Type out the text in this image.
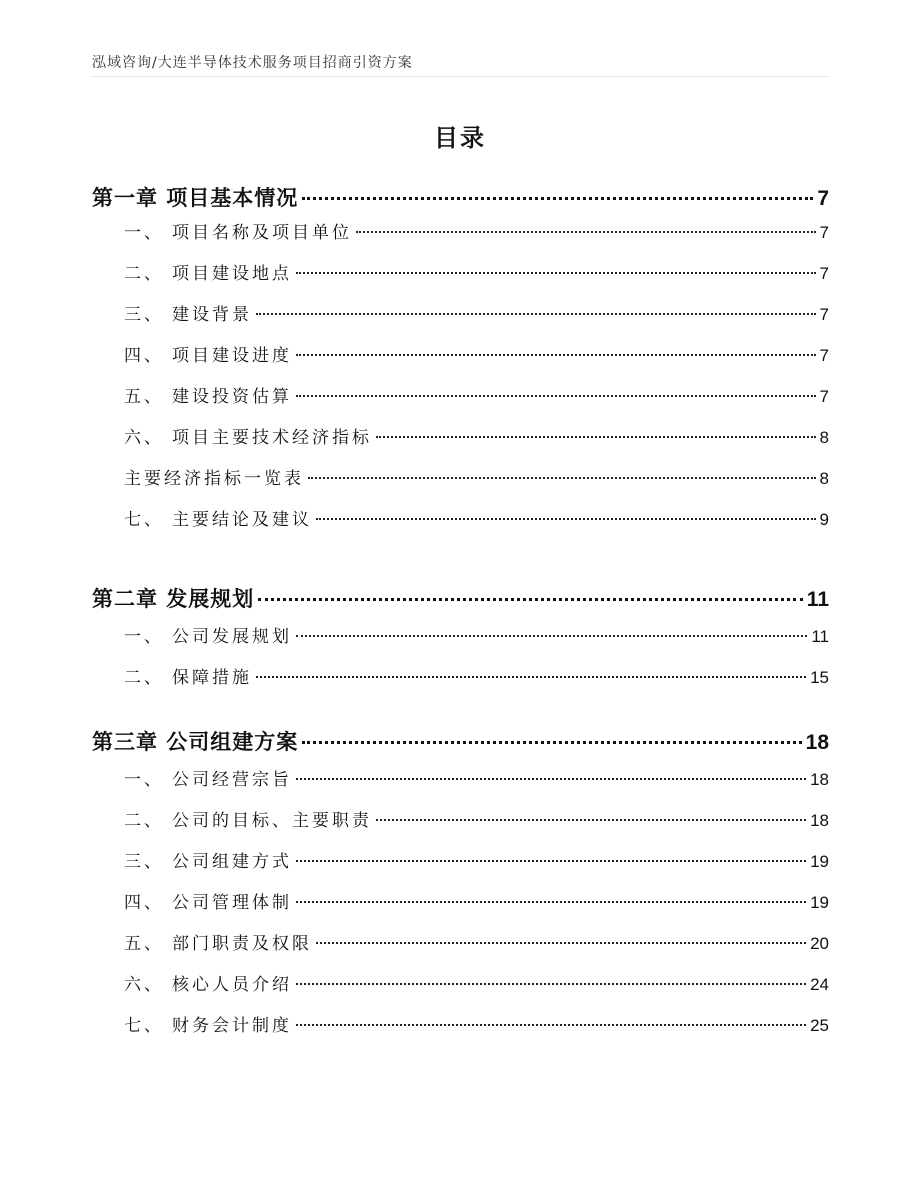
泓域咨询/大连半导体技术服务项目招商引资方案
目录
第一章 项目基本情况	7
一、 项目名称及项目单位	7
二、 项目建设地点	7
三、 建设背景	7
四、 项目建设进度	7
五、 建设投资估算	7
六、 项目主要技术经济指标	8
主要经济指标一览表	8
七、 主要结论及建议	9
第二章 发展规划	11
一、 公司发展规划	11
二、 保障措施	15
第三章 公司组建方案	18
一、 公司经营宗旨	18
二、 公司的目标、主要职责	18
三、 公司组建方式	19
四、 公司管理体制	19
五、 部门职责及权限	20
六、 核心人员介绍	24
七、 财务会计制度	25
